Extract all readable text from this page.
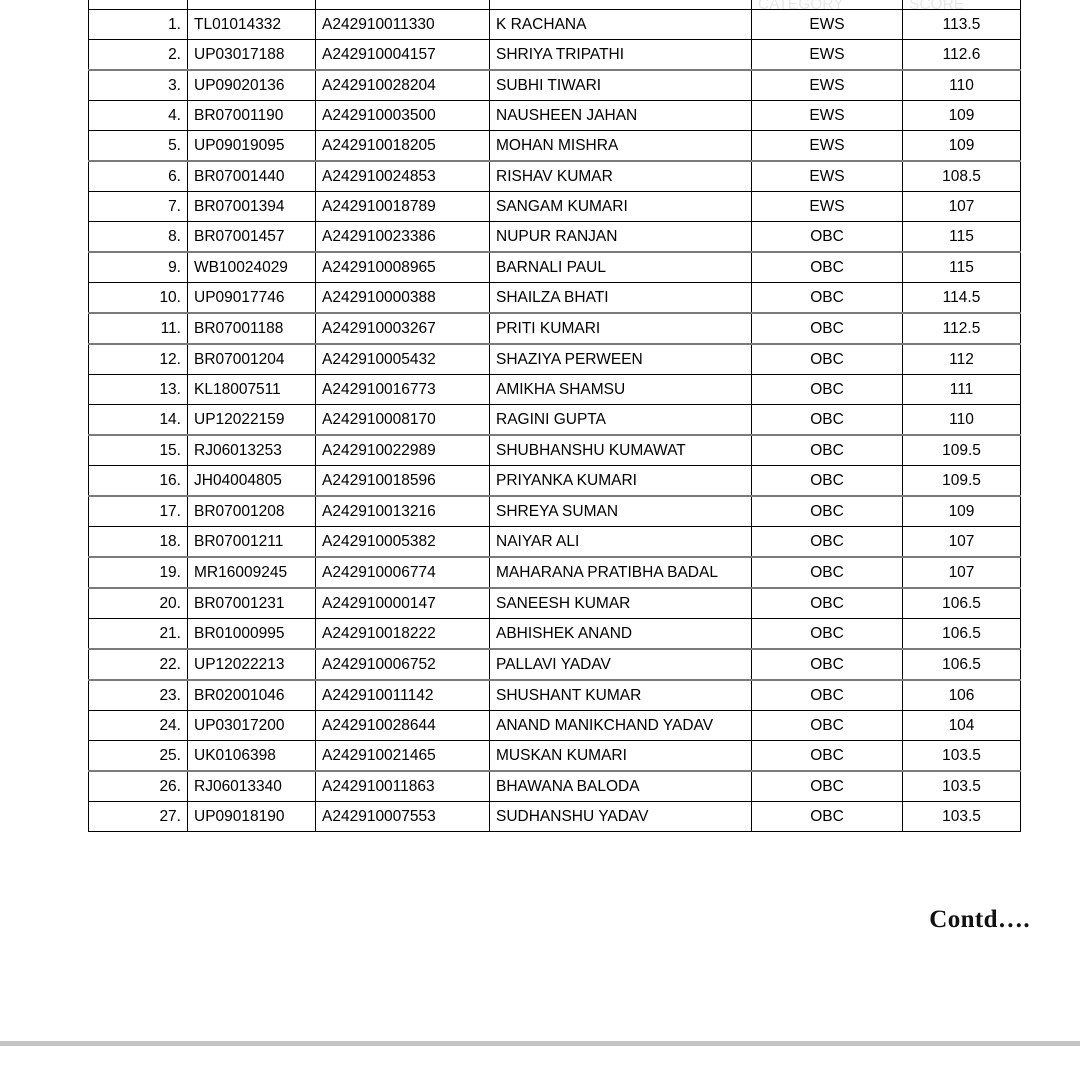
				CATEGORY	SCORE
1.	TL01014332	A242910011330	K RACHANA	EWS	113.5
2.	UP03017188	A242910004157	SHRIYA TRIPATHI	EWS	112.6
3.	UP09020136	A242910028204	SUBHI TIWARI	EWS	110
4.	BR07001190	A242910003500	NAUSHEEN JAHAN	EWS	109
5.	UP09019095	A242910018205	MOHAN MISHRA	EWS	109
6.	BR07001440	A242910024853	RISHAV KUMAR	EWS	108.5
7.	BR07001394	A242910018789	SANGAM KUMARI	EWS	107
8.	BR07001457	A242910023386	NUPUR RANJAN	OBC	115
9.	WB10024029	A242910008965	BARNALI PAUL	OBC	115
10.	UP09017746	A242910000388	SHAILZA BHATI	OBC	114.5
11.	BR07001188	A242910003267	PRITI KUMARI	OBC	112.5
12.	BR07001204	A242910005432	SHAZIYA PERWEEN	OBC	112
13.	KL18007511	A242910016773	AMIKHA SHAMSU	OBC	111
14.	UP12022159	A242910008170	RAGINI GUPTA	OBC	110
15.	RJ06013253	A242910022989	SHUBHANSHU KUMAWAT	OBC	109.5
16.	JH04004805	A242910018596	PRIYANKA KUMARI	OBC	109.5
17.	BR07001208	A242910013216	SHREYA SUMAN	OBC	109
18.	BR07001211	A242910005382	NAIYAR ALI	OBC	107
19.	MR16009245	A242910006774	MAHARANA PRATIBHA BADAL	OBC	107
20.	BR07001231	A242910000147	SANEESH KUMAR	OBC	106.5
21.	BR01000995	A242910018222	ABHISHEK ANAND	OBC	106.5
22.	UP12022213	A242910006752	PALLAVI YADAV	OBC	106.5
23.	BR02001046	A242910011142	SHUSHANT KUMAR	OBC	106
24.	UP03017200	A242910028644	ANAND MANIKCHAND YADAV	OBC	104
25.	UK0106398	A242910021465	MUSKAN KUMARI	OBC	103.5
26.	RJ06013340	A242910011863	BHAWANA BALODA	OBC	103.5
27.	UP09018190	A242910007553	SUDHANSHU YADAV	OBC	103.5
Contd….
